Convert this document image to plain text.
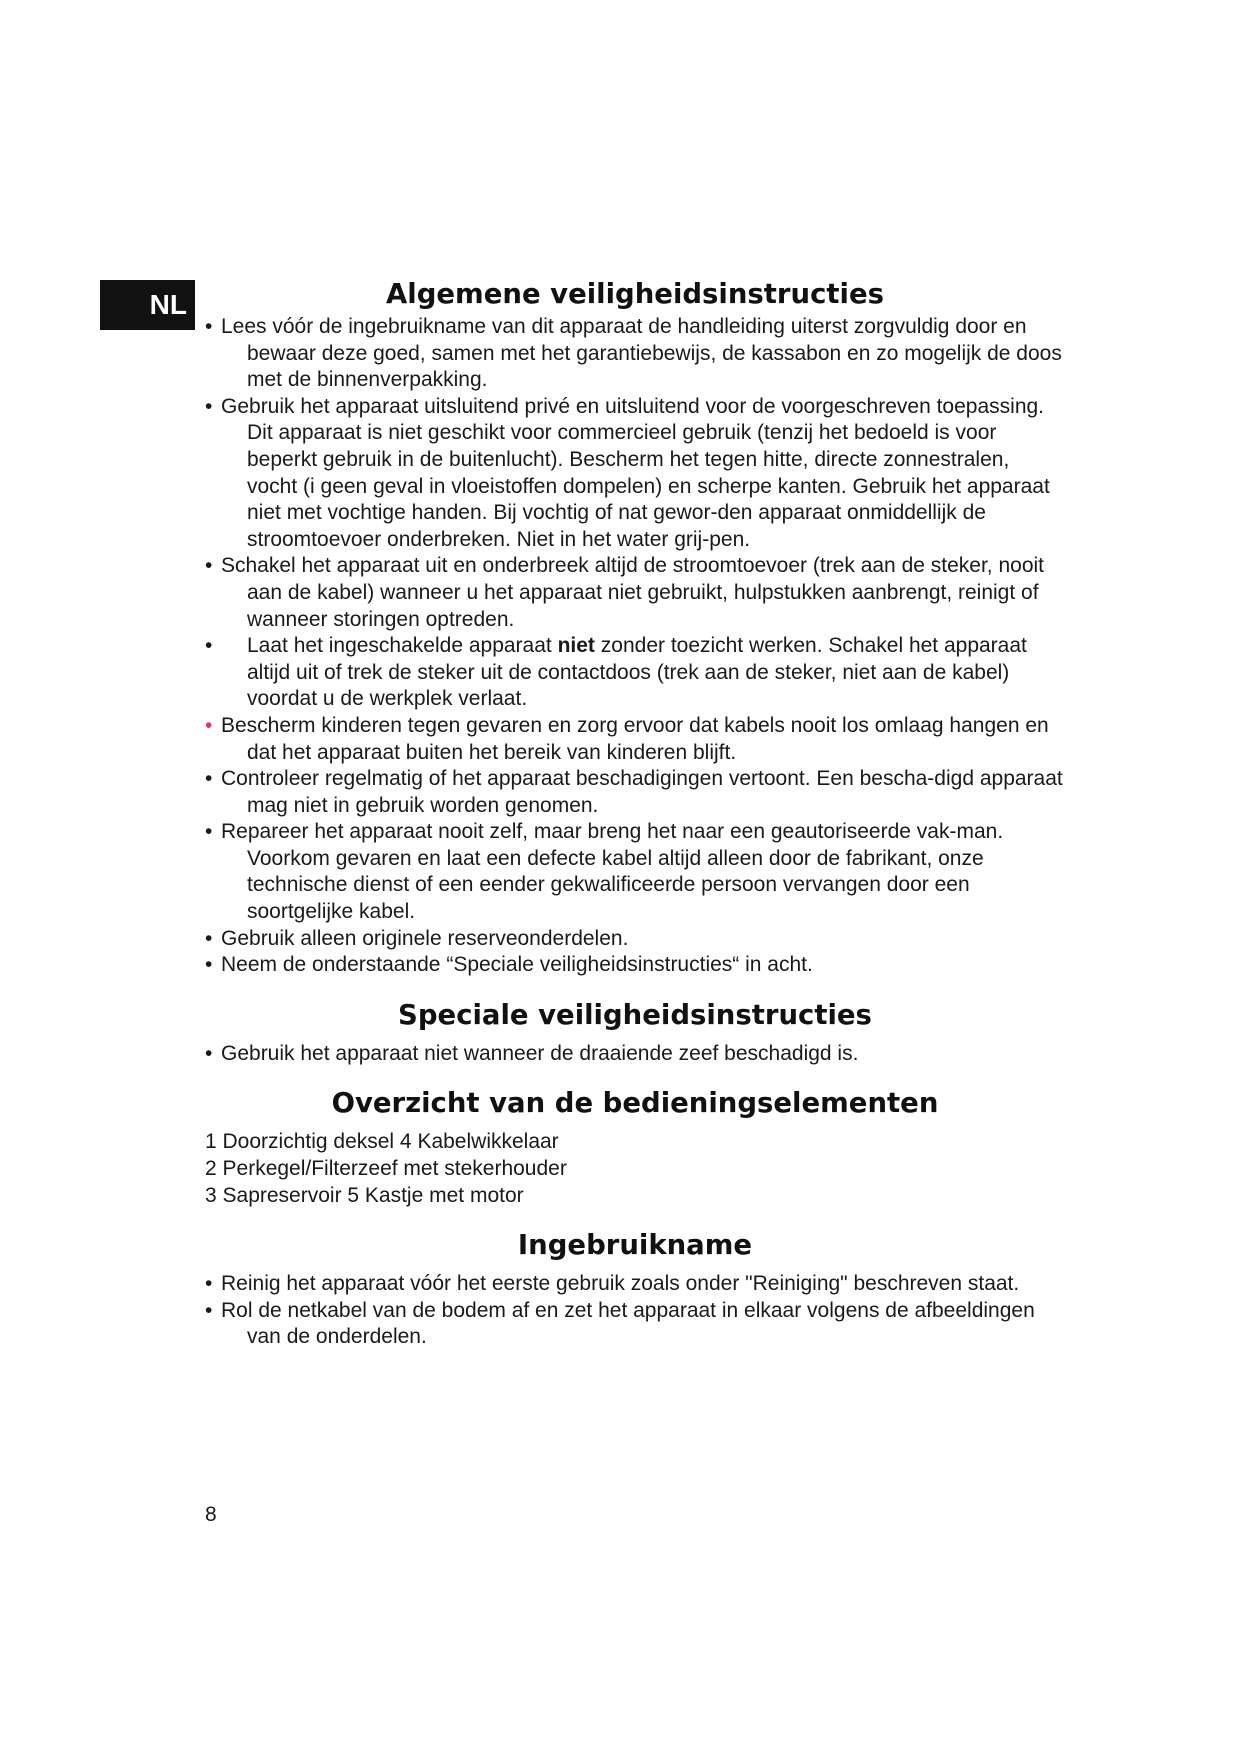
NL	Algemene veiligheidsinstructies
• Lees vóór de ingebruikname van dit apparaat de handleiding uiterst zorgvuldig door en bewaar deze goed, samen met het garantiebewijs, de kassabon en zo mogelijk de doos met de binnenverpakking.
• Gebruik het apparaat uitsluitend privé en uitsluitend voor de voorgeschreven toepassing. Dit apparaat is niet geschikt voor commercieel gebruik (tenzij het bedoeld is voor beperkt gebruik in de buitenlucht). Bescherm het tegen hitte, directe zonnestralen, vocht (i geen geval in vloeistoffen dompelen) en scherpe kanten. Gebruik het apparaat niet met vochtige handen. Bij vochtig of nat gewor-den apparaat onmiddellijk de stroomtoevoer onderbreken. Niet in het water grij-pen.
• Schakel het apparaat uit en onderbreek altijd de stroomtoevoer (trek aan de steker, nooit aan de kabel) wanneer u het apparaat niet gebruikt, hulpstukken aanbrengt, reinigt of wanneer storingen optreden.
• Laat het ingeschakelde apparaat niet zonder toezicht werken. Schakel het apparaat altijd uit of trek de steker uit de contactdoos (trek aan de steker, niet aan de kabel) voordat u de werkplek verlaat.
• Bescherm kinderen tegen gevaren en zorg ervoor dat kabels nooit los omlaag hangen en dat het apparaat buiten het bereik van kinderen blijft.
• Controleer regelmatig of het apparaat beschadigingen vertoont. Een bescha-digd apparaat mag niet in gebruik worden genomen.
• Repareer het apparaat nooit zelf, maar breng het naar een geautoriseerde vak-man. Voorkom gevaren en laat een defecte kabel altijd alleen door de fabrikant, onze technische dienst of een eender gekwalificeerde persoon vervangen door een soortgelijke kabel.
• Gebruik alleen originele reserveonderdelen.
• Neem de onderstaande “Speciale veiligheidsinstructies“ in acht.
Speciale veiligheidsinstructies
• Gebruik het apparaat niet wanneer de draaiende zeef beschadigd is.
Overzicht van de bedieningselementen
1 Doorzichtig deksel 4 Kabelwikkelaar
2 Perkegel/Filterzeef met stekerhouder
3 Sapreservoir 5 Kastje met motor
Ingebruikname
• Reinig het apparaat vóór het eerste gebruik zoals onder "Reiniging" beschreven staat.
• Rol de netkabel van de bodem af en zet het apparaat in elkaar volgens de afbeeldingen van de onderdelen.
8
